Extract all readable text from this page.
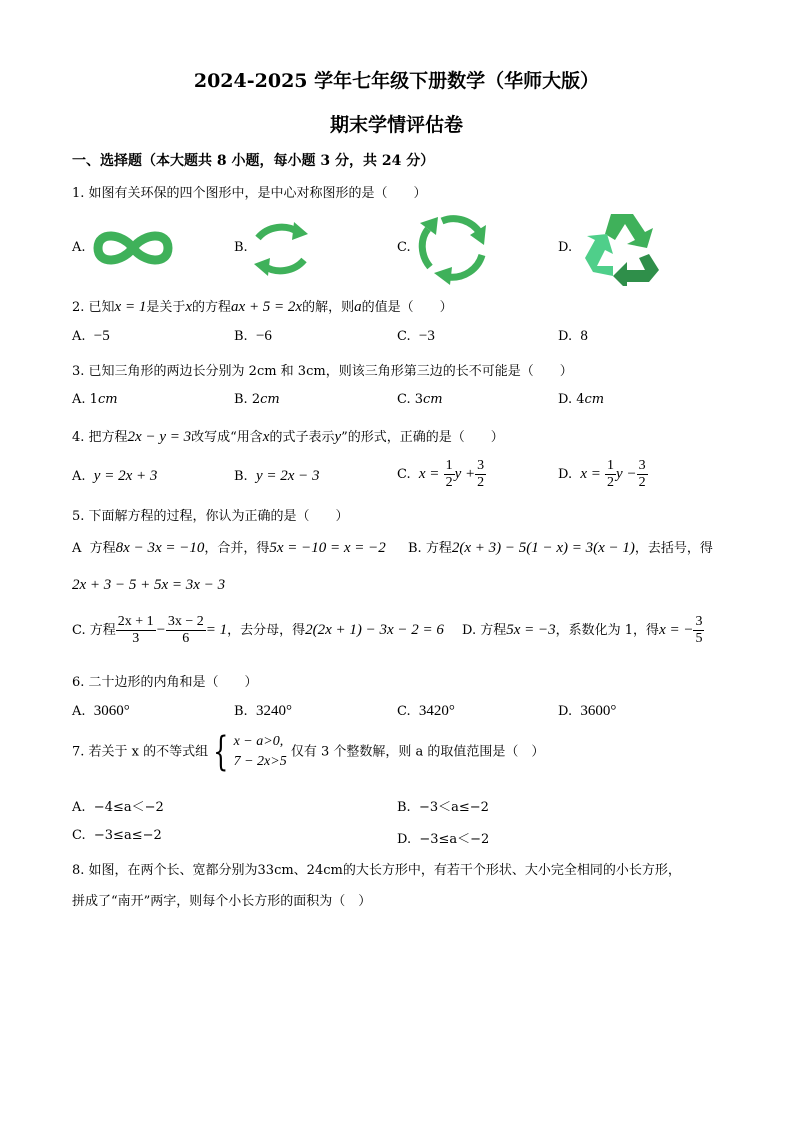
2024-2025 学年七年级下册数学（华师大版）
期末学情评估卷
一、选择题（本大题共 8 小题，每小题 3 分，共 24 分）
1. 如图有关环保的四个图形中，是中心对称图形的是（　　）
A.	B.	C.	D.
2. 已知x = 1是关于x的方程ax + 5 = 2x的解，则a的值是（　　）
A. −5	B. −6	C. −3	D. 8
3. 已知三角形的两边长分别为 2cm 和 3cm，则该三角形第三边的长不可能是（　　）
A. 1cm	B. 2cm	C. 3cm	D. 4cm
4. 把方程2x − y = 3改写成“用含x的式子表示y”的形式，正确的是（　　）
A. y = 2x + 3	B. y = 2x − 3	C. $x = \frac{1}{2}$ $y + \frac{3}{2}$	D. $x = \frac{1}{2}$ $y - \frac{3}{2}$
5. 下面解方程的过程，你认为正确的是（　　）
A 方程8x − 3x = −10，合并，得5x = −10 = x = −2 B. 方程2(x + 3) − 5(1 − x) = 3(x − 1)，去括号，得
2x + 3 − 5 + 5x = 3x − 3
C. 方程 $\frac{2x + 1}{3} - \frac{3x - 2}{6} = 1$，去分母，得2(2x + 1) − 3x − 2 = 6 D. 方程5x = −3，系数化为 1，得x = − $\frac{3}{5}$
6. 二十边形的内角和是（　　）
A. 3060°	B. 3240°	C. 3420°	D. 3600°
7. 若关于 x 的不等式组 { x − a>0,
7 − 2x>5
仅有 3 个整数解，则 a 的取值范围是（　）
A. −4≤a＜−2	B. −3＜a≤−2
C. −3≤a≤−2	D. −3≤a＜−2
8. 如图，在两个长、宽都分别为33cm、24cm的大长方形中，有若干个形状、大小完全相同的小长方形，
拼成了“南开”两字，则每个小长方形的面积为（　）
